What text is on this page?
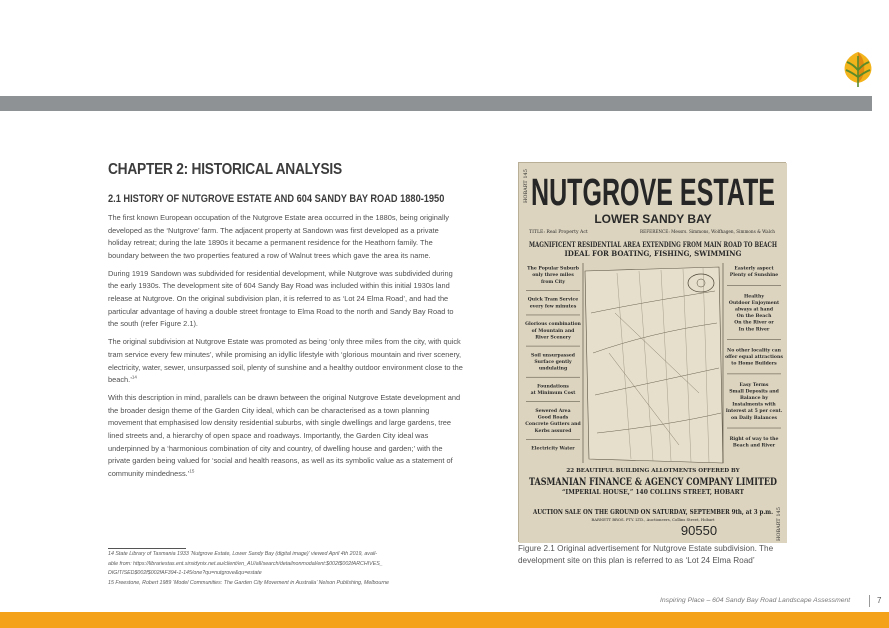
CHAPTER 2: HISTORICAL ANALYSIS
2.1 HISTORY OF NUTGROVE ESTATE AND 604 SANDY BAY ROAD 1880-1950

The first known European occupation of the Nutgrove Estate area occurred in the 1880s, being originally developed as the ‘Nutgrove’ farm. The adjacent property at Sandown was first developed as a private holiday retreat; during the late 1890s it became a permanent residence for the Heathorn family. The boundary between the two properties featured a row of Walnut trees which gave the area its name.

During 1919 Sandown was subdivided for residential development, while Nutgrove was subdivided during the early 1930s. The development site of 604 Sandy Bay Road was included within this initial 1930s land release at Nutgrove. On the original subdivision plan, it is referred to as ‘Lot 24 Elma Road’, and had the particular advantage of having a double street frontage to Elma Road to the north and Sandy Bay Road to the south (refer Figure 2.1).

The original subdivision at Nutgrove Estate was promoted as being ‘only three miles from the city, with quick tram service every few minutes’, while promising an idyllic lifestyle with ‘glorious mountain and river scenery, electricity, water, sewer, unsurpassed soil, plenty of sunshine and a healthy outdoor environment close to the beach.’$^{14}$

With this description in mind, parallels can be drawn between the original Nutgrove Estate development and the broader design theme of the Garden City ideal, which can be characterised as a town planning movement that emphasised low density residential suburbs, with single dwellings and large gardens, tree lined streets and, a hierarchy of open space and roadways. Importantly, the Garden City ideal was underpinned by a ‘harmonious combination of city and country, of dwelling house and garden;’ with the private garden being valued for ‘social and health reasons, as well as its symbolic value as a statement of community mindedness.’$^{15}$

14 State Library of Tasmania 1933 ‘Nutgrove Estate, Lower Sandy Bay (digital image)’ viewed April 4th 2019, avail-
able from: https://librariestas.ent.sirsidynix.net.au/client/en_AU/all/search/detailnonmodal/ent:$002f$002fARCHIVES_
DIGITISED$002f$002fAF394-1-145/one?qu=nutgrove&qu=estate
15 Freestone, Robert 1989 ‘Model Communities: The Garden City Movement in Australia’ Nelson Publishing, Melbourne
HOBART 145 NUTGROVE ESTATE
LOWER SANDY BAY
TITLE: Real Property Act	REFERENCE: Messrs. Simmons, Wolfhagen, Simmons & Walch
MAGNIFICENT RESIDENTIAL AREA EXTENDING FROM MAIN ROAD TO BEACH
IDEAL FOR BOATING, FISHING, SWIMMING
The Popular Suburb
only three miles
from City
Quick Tram Service
every few minutes
Glorious combination
of Mountain and
River Scenery
Soil unsurpassed
Surface gently
undulating
Foundations
at Minimum Cost
Sewered Area
Good Roads
Concrete Gutters and
Kerbs assured
Electricity Water
Easterly aspect
Plenty of Sunshine
Healthy
Outdoor Enjoyment
always at hand
On the Beach
On the River or
In the River
No other locality can
offer equal attractions
to Home Builders
Easy Terms
Small Deposits and
Balance by
Instalments with
Interest at 5 per cent.
on Daily Balances
Right of way to the
Beach and River
22 BEAUTIFUL BUILDING ALLOTMENTS OFFERED BY
TASMANIAN FINANCE & AGENCY COMPANY LIMITED
“IMPERIAL HOUSE,” 140 COLLINS STREET, HOBART
AUCTION SALE ON THE GROUND ON SATURDAY, SEPTEMBER 9th, at 3 p.m.
BARNETT BROS. PTY. LTD., Auctioneers, Collins Street, Hobart
90550	HOBART 145
Figure 2.1 Original advertisement for Nutgrove Estate subdivision. The development site on this plan is referred to as ‘Lot 24 Elma Road’
Inspiring Place – 604 Sandy Bay Road Landscape Assessment	7
